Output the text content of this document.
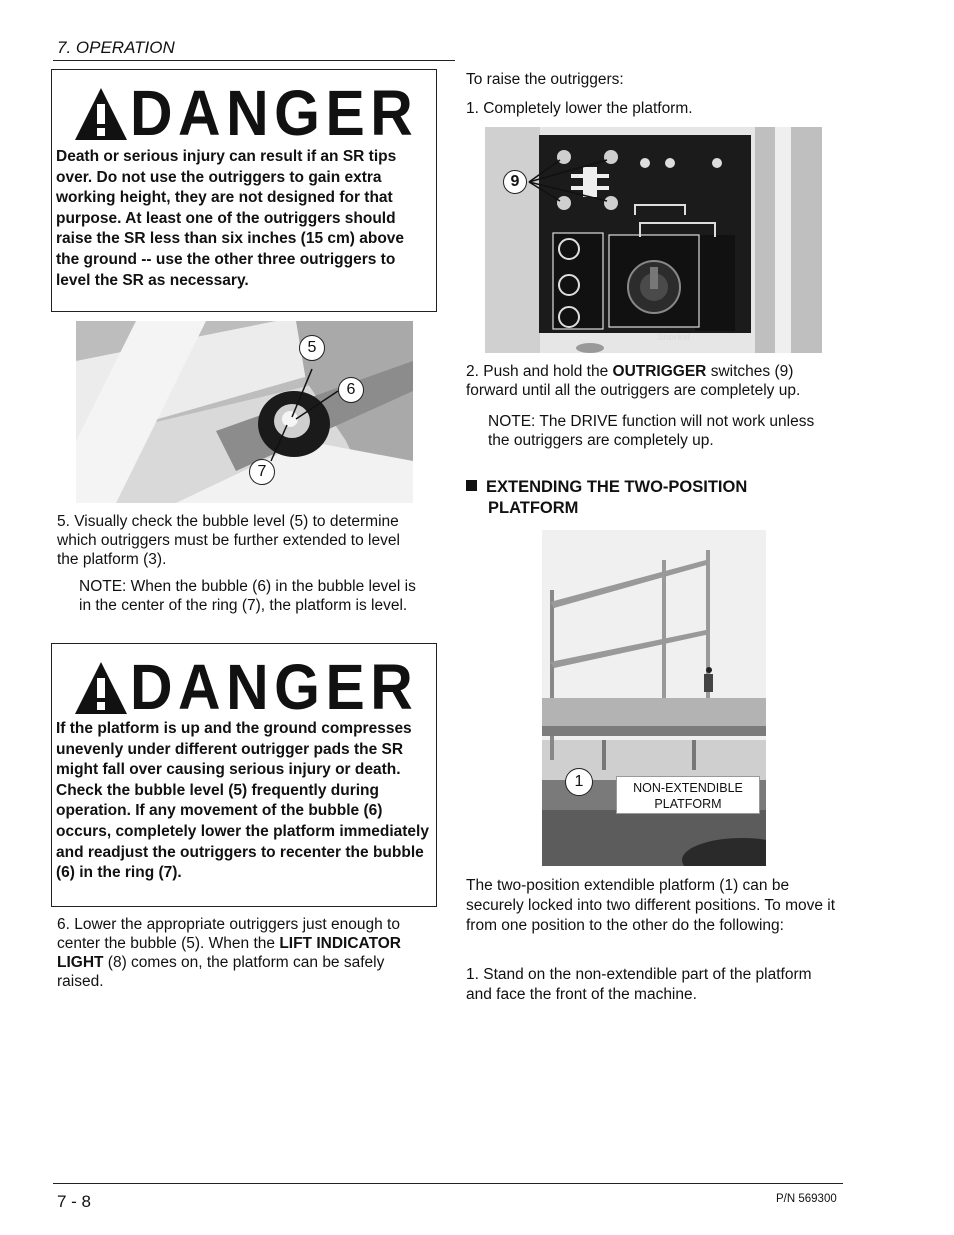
7. OPERATION
DANGER
Death or serious injury can result if an SR tips over. Do not use the outriggers to gain extra working height, they are not designed for that purpose. At least one of the outriggers should raise the SR less than six inches (15 cm) above the ground -- use the other three outriggers to level the SR as necessary.
5
6
7
5. Visually check the bubble level (5) to determine which outriggers must be further extended to level the platform (3).
NOTE: When the bubble (6) in the bubble level is in the center of the ring (7), the platform is level.
DANGER
If the platform is up and the ground compresses unevenly under different outrigger pads the SR might fall over causing serious injury or death. Check the bubble level (5) frequently during operation. If any movement of the bubble (6) occurs, completely lower the platform immediately and readjust the outriggers to recenter the bubble (6) in the ring (7).
6. Lower the appropriate outriggers just enough to center the bubble (5). When the LIFT INDICATOR LIGHT (8) comes on, the platform can be safely raised.
To raise the outriggers:
1. Completely lower the platform.
9
Snorkel
2. Push and hold the OUTRIGGER switches (9) forward until all the outriggers are completely up.
NOTE: The DRIVE function will not work unless the outriggers are completely up.
EXTENDING THE TWO-POSITION
PLATFORM
1	NON-EXTENDIBLE
PLATFORM
The two-position extendible platform (1) can be securely locked into two different positions. To move it from one position to the other do the following:
1. Stand on the non-extendible part of the platform and face the front of the machine.
7 - 8	P/N 569300
